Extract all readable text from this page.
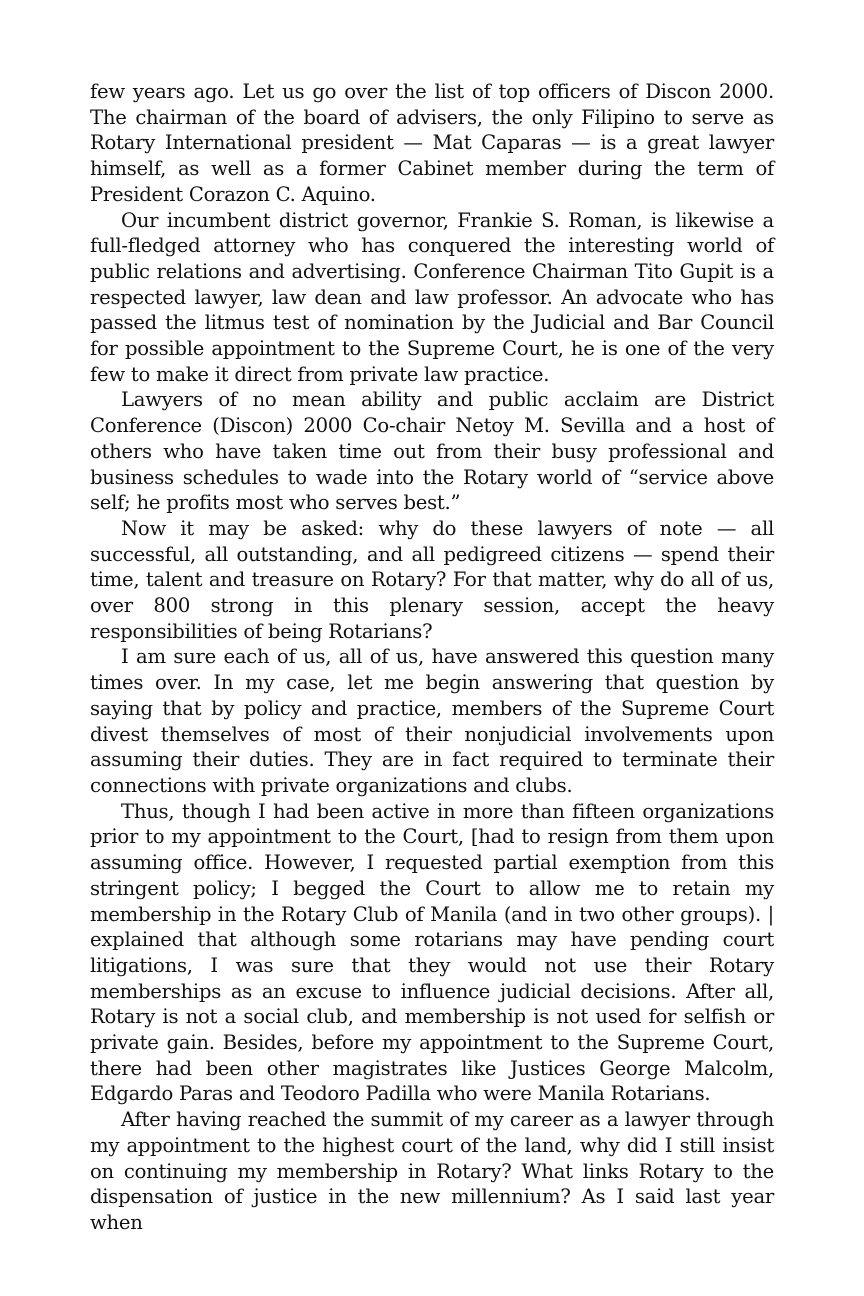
few years ago. Let us go over the list of top officers of Discon 2000. The chairman of the board of advisers, the only Filipino to serve as Rotary International president — Mat Caparas — is a great lawyer himself, as well as a former Cabinet member during the term of President Corazon C. Aquino.

Our incumbent district governor, Frankie S. Roman, is likewise a full-fledged attorney who has conquered the interesting world of public relations and advertising. Conference Chairman Tito Gupit is a respected lawyer, law dean and law professor. An advocate who has passed the litmus test of nomination by the Judicial and Bar Council for possible appointment to the Supreme Court, he is one of the very few to make it direct from private law practice.

Lawyers of no mean ability and public acclaim are District Conference (Discon) 2000 Co-chair Netoy M. Sevilla and a host of others who have taken time out from their busy professional and business schedules to wade into the Rotary world of “service above self; he profits most who serves best.”

Now it may be asked: why do these lawyers of note — all successful, all outstanding, and all pedigreed citizens — spend their time, talent and treasure on Rotary? For that matter, why do all of us, over 800 strong in this plenary session, accept the heavy responsibilities of being Rotarians?

I am sure each of us, all of us, have answered this question many times over. In my case, let me begin answering that question by saying that by policy and practice, members of the Supreme Court divest themselves of most of their nonjudicial involvements upon assuming their duties. They are in fact required to terminate their connections with private organizations and clubs.

Thus, though I had been active in more than fifteen organizations prior to my appointment to the Court, [had to resign from them upon assuming office. However, I requested partial exemption from this stringent policy; I begged the Court to allow me to retain my membership in the Rotary Club of Manila (and in two other groups). | explained that although some rotarians may have pending court litigations, I was sure that they would not use their Rotary memberships as an excuse to influence judicial decisions. After all, Rotary is not a social club, and membership is not used for selfish or private gain. Besides, before my appointment to the Supreme Court, there had been other magistrates like Justices George Malcolm, Edgardo Paras and Teodoro Padilla who were Manila Rotarians.

After having reached the summit of my career as a lawyer through my appointment to the highest court of the land, why did I still insist on continuing my membership in Rotary? What links Rotary to the dispensation of justice in the new millennium? As I said last year when
